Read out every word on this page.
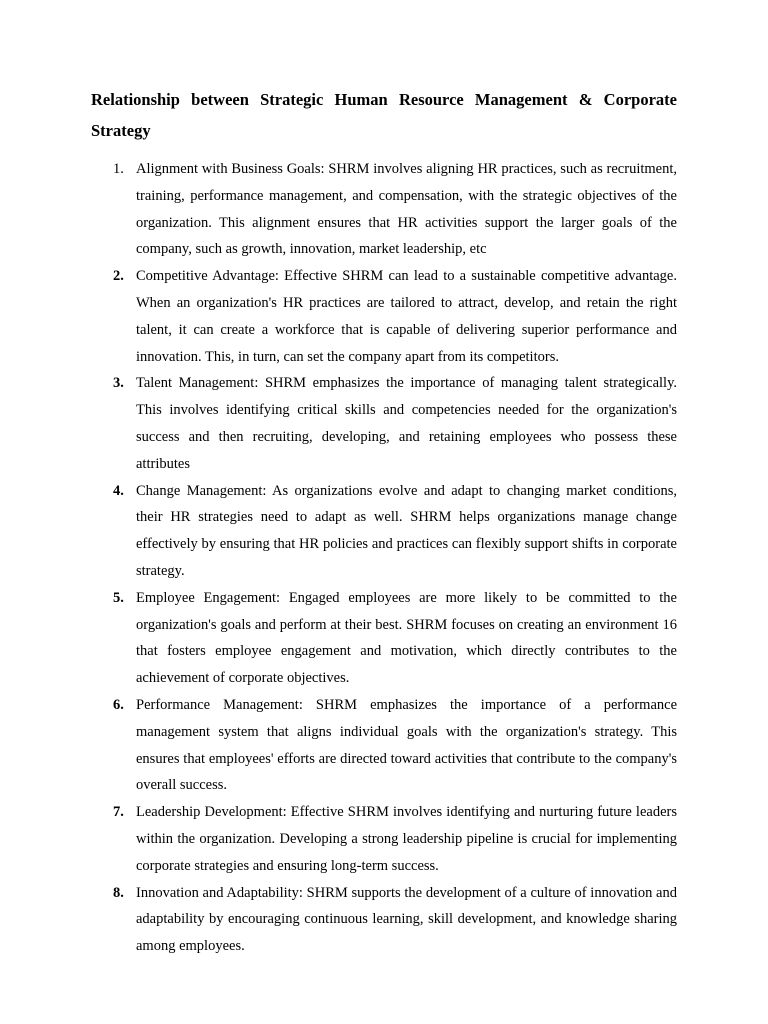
Relationship between Strategic Human Resource Management & Corporate Strategy
1. Alignment with Business Goals: SHRM involves aligning HR practices, such as recruitment, training, performance management, and compensation, with the strategic objectives of the organization. This alignment ensures that HR activities support the larger goals of the company, such as growth, innovation, market leadership, etc
2. Competitive Advantage: Effective SHRM can lead to a sustainable competitive advantage. When an organization's HR practices are tailored to attract, develop, and retain the right talent, it can create a workforce that is capable of delivering superior performance and innovation. This, in turn, can set the company apart from its competitors.
3. Talent Management: SHRM emphasizes the importance of managing talent strategically. This involves identifying critical skills and competencies needed for the organization's success and then recruiting, developing, and retaining employees who possess these attributes
4. Change Management: As organizations evolve and adapt to changing market conditions, their HR strategies need to adapt as well. SHRM helps organizations manage change effectively by ensuring that HR policies and practices can flexibly support shifts in corporate strategy.
5. Employee Engagement: Engaged employees are more likely to be committed to the organization's goals and perform at their best. SHRM focuses on creating an environment 16 that fosters employee engagement and motivation, which directly contributes to the achievement of corporate objectives.
6. Performance Management: SHRM emphasizes the importance of a performance management system that aligns individual goals with the organization's strategy. This ensures that employees' efforts are directed toward activities that contribute to the company's overall success.
7. Leadership Development: Effective SHRM involves identifying and nurturing future leaders within the organization. Developing a strong leadership pipeline is crucial for implementing corporate strategies and ensuring long-term success.
8. Innovation and Adaptability: SHRM supports the development of a culture of innovation and adaptability by encouraging continuous learning, skill development, and knowledge sharing among employees.
